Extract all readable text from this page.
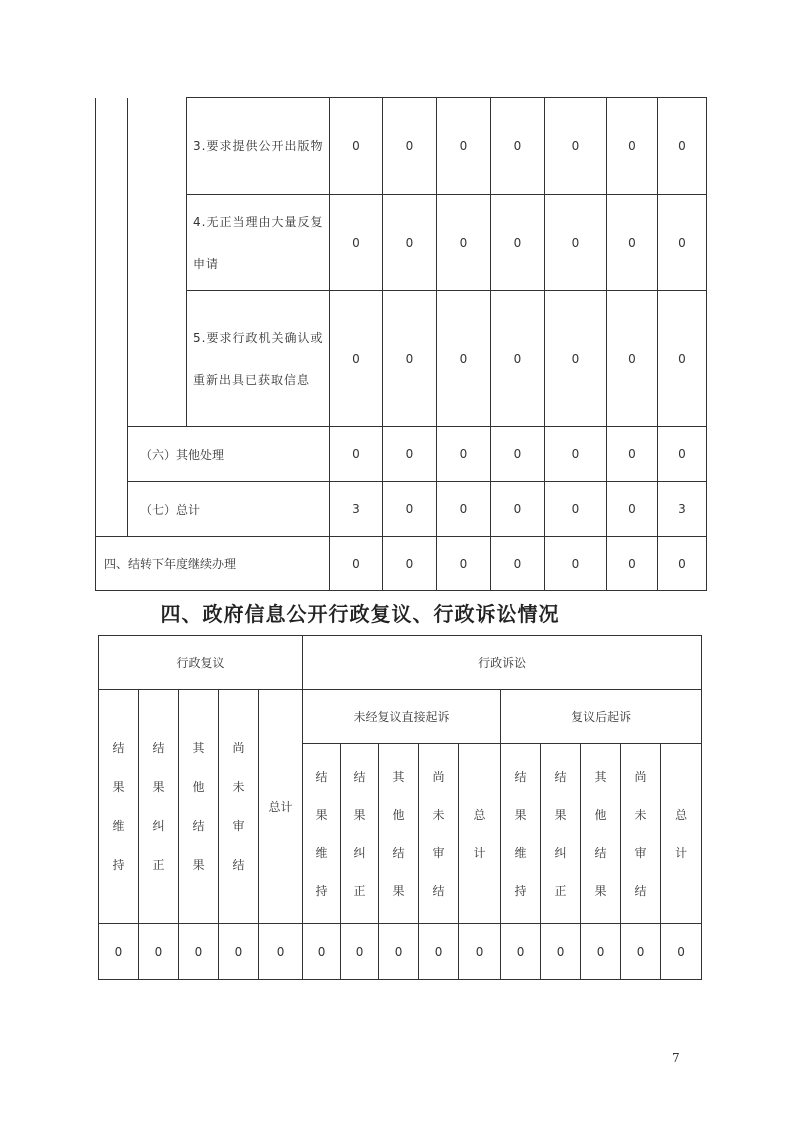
		3.要求提供公开出版物	0	0	0	0	0	0	0
		4.无正当理由大量反复申请	0	0	0	0	0	0	0
		5.要求行政机关确认或重新出具已获取信息	0	0	0	0	0	0	0
	（六）其他处理		0	0	0	0	0	0	0
	（七）总计		3	0	0	0	0	0	3
四、结转下年度继续办理			0	0	0	0	0	0	0
四、政府信息公开行政复议、行政诉讼情况
行政复议					行政诉讼									
结果维持	结果纠正	其他结果	尚未审结	总计	未经复议直接起诉					复议后起诉				
					结果维持	结果纠正	其他结果	尚未审结	总计	结果维持	结果纠正	其他结果	尚未审结	总计
0	0	0	0	0	0	0	0	0	0	0	0	0	0	0
7
